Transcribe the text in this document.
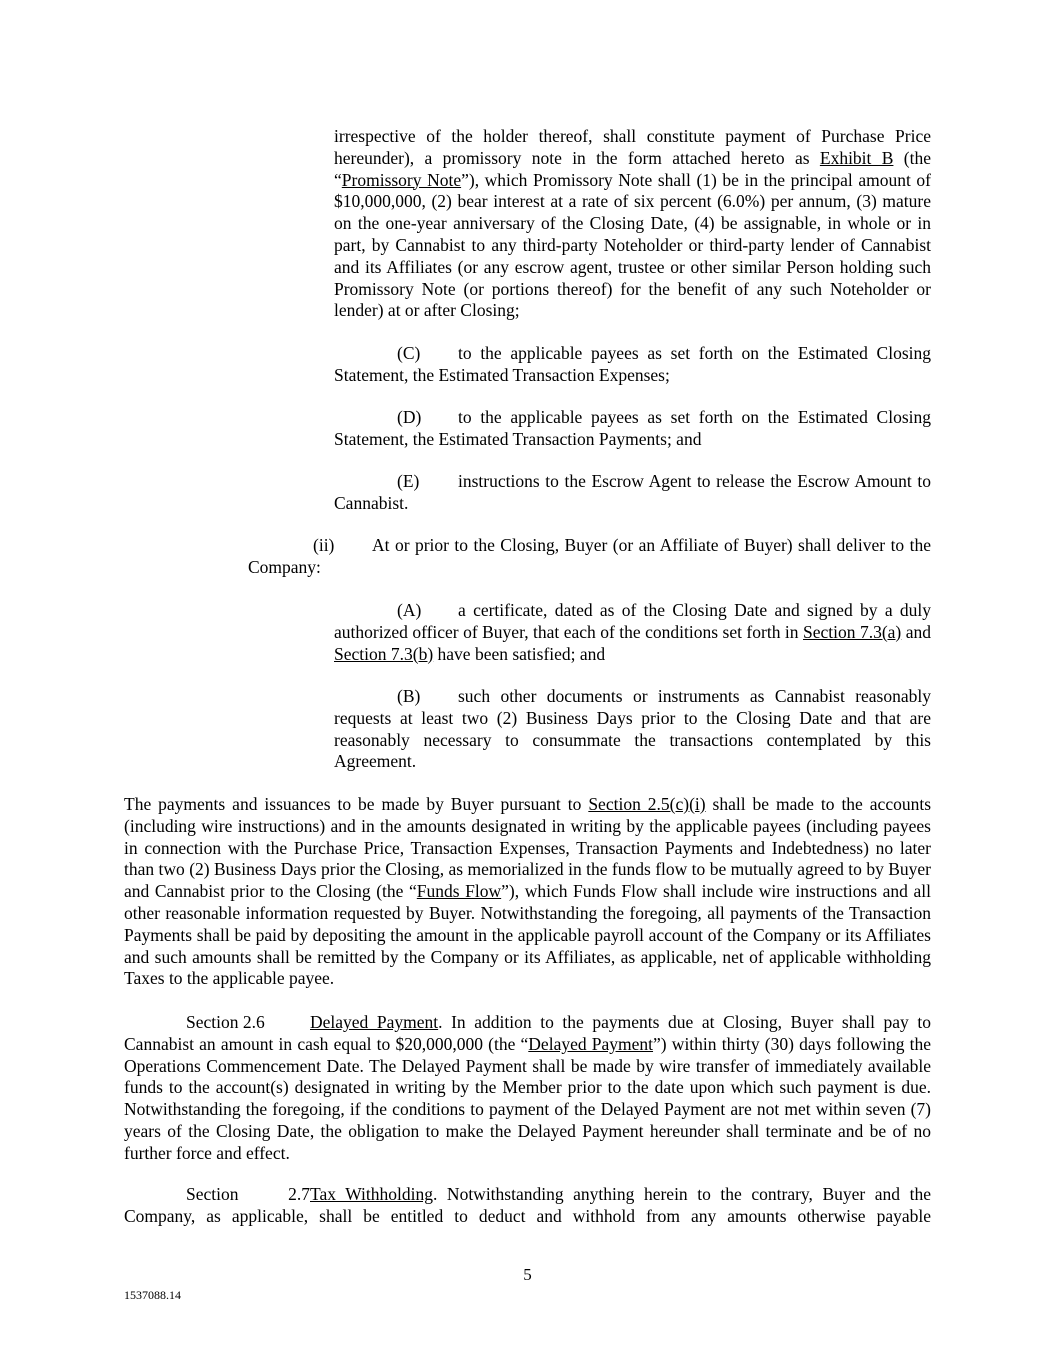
irrespective of the holder thereof, shall constitute payment of Purchase Price hereunder), a promissory note in the form attached hereto as Exhibit B (the “Promissory Note”), which Promissory Note shall (1) be in the principal amount of $10,000,000, (2) bear interest at a rate of six percent (6.0%) per annum, (3) mature on the one-year anniversary of the Closing Date, (4) be assignable, in whole or in part, by Cannabist to any third-party Noteholder or third-party lender of Cannabist and its Affiliates (or any escrow agent, trustee or other similar Person holding such Promissory Note (or portions thereof) for the benefit of any such Noteholder or lender) at or after Closing;

(C) to the applicable payees as set forth on the Estimated Closing Statement, the Estimated Transaction Expenses;

(D) to the applicable payees as set forth on the Estimated Closing Statement, the Estimated Transaction Payments; and

(E) instructions to the Escrow Agent to release the Escrow Amount to Cannabist.

(ii) At or prior to the Closing, Buyer (or an Affiliate of Buyer) shall deliver to the Company:

(A) a certificate, dated as of the Closing Date and signed by a duly authorized officer of Buyer, that each of the conditions set forth in Section 7.3(a) and Section 7.3(b) have been satisfied; and

(B) such other documents or instruments as Cannabist reasonably requests at least two (2) Business Days prior to the Closing Date and that are reasonably necessary to consummate the transactions contemplated by this Agreement.

The payments and issuances to be made by Buyer pursuant to Section 2.5(c)(i) shall be made to the accounts (including wire instructions) and in the amounts designated in writing by the applicable payees (including payees in connection with the Purchase Price, Transaction Expenses, Transaction Payments and Indebtedness) no later than two (2) Business Days prior the Closing, as memorialized in the funds flow to be mutually agreed to by Buyer and Cannabist prior to the Closing (the “Funds Flow”), which Funds Flow shall include wire instructions and all other reasonable information requested by Buyer. Notwithstanding the foregoing, all payments of the Transaction Payments shall be paid by depositing the amount in the applicable payroll account of the Company or its Affiliates and such amounts shall be remitted by the Company or its Affiliates, as applicable, net of applicable withholding Taxes to the applicable payee.

Section 2.6	Delayed Payment. In addition to the payments due at Closing, Buyer shall pay to Cannabist an amount in cash equal to $20,000,000 (the “Delayed Payment”) within thirty (30) days following the Operations Commencement Date. The Delayed Payment shall be made by wire transfer of immediately available funds to the account(s) designated in writing by the Member prior to the date upon which such payment is due. Notwithstanding the foregoing, if the conditions to payment of the Delayed Payment are not met within seven (7) years of the Closing Date, the obligation to make the Delayed Payment hereunder shall terminate and be of no further force and effect.

Section 2.7Tax Withholding. Notwithstanding anything herein to the contrary, Buyer and the Company, as applicable, shall be entitled to deduct and withhold from any amounts otherwise payable

5
1537088.14
